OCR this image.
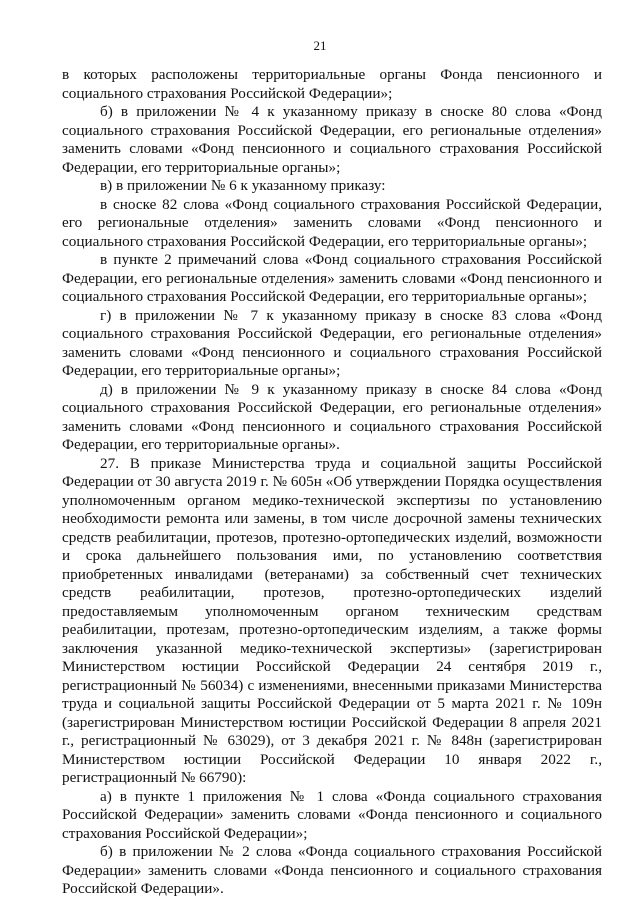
21

в которых расположены территориальные органы Фонда пенсионного и социального страхования Российской Федерации»;

б) в приложении № 4 к указанному приказу в сноске 80 слова «Фонд социального страхования Российской Федерации, его региональные отделения» заменить словами «Фонд пенсионного и социального страхования Российской Федерации, его территориальные органы»;

в) в приложении № 6 к указанному приказу:

в сноске 82 слова «Фонд социального страхования Российской Федерации, его региональные отделения» заменить словами «Фонд пенсионного и социального страхования Российской Федерации, его территориальные органы»;

в пункте 2 примечаний слова «Фонд социального страхования Российской Федерации, его региональные отделения» заменить словами «Фонд пенсионного и социального страхования Российской Федерации, его территориальные органы»;

г) в приложении № 7 к указанному приказу в сноске 83 слова «Фонд социального страхования Российской Федерации, его региональные отделения» заменить словами «Фонд пенсионного и социального страхования Российской Федерации, его территориальные органы»;

д) в приложении № 9 к указанному приказу в сноске 84 слова «Фонд социального страхования Российской Федерации, его региональные отделения» заменить словами «Фонд пенсионного и социального страхования Российской Федерации, его территориальные органы».

27. В приказе Министерства труда и социальной защиты Российской Федерации от 30 августа 2019 г. № 605н «Об утверждении Порядка осуществления уполномоченным органом медико-технической экспертизы по установлению необходимости ремонта или замены, в том числе досрочной замены технических средств реабилитации, протезов, протезно-ортопедических изделий, возможности и срока дальнейшего пользования ими, по установлению соответствия приобретенных инвалидами (ветеранами) за собственный счет технических средств реабилитации, протезов, протезно-ортопедических изделий предоставляемым уполномоченным органом техническим средствам реабилитации, протезам, протезно-ортопедическим изделиям, а также формы заключения указанной медико-технической экспертизы» (зарегистрирован Министерством юстиции Российской Федерации 24 сентября 2019 г., регистрационный № 56034) с изменениями, внесенными приказами Министерства труда и социальной защиты Российской Федерации от 5 марта 2021 г. № 109н (зарегистрирован Министерством юстиции Российской Федерации 8 апреля 2021 г., регистрационный № 63029), от 3 декабря 2021 г. № 848н (зарегистрирован Министерством юстиции Российской Федерации 10 января 2022 г., регистрационный № 66790):

а) в пункте 1 приложения № 1 слова «Фонда социального страхования Российской Федерации» заменить словами «Фонда пенсионного и социального страхования Российской Федерации»;

б) в приложении № 2 слова «Фонда социального страхования Российской Федерации» заменить словами «Фонда пенсионного и социального страхования Российской Федерации».
